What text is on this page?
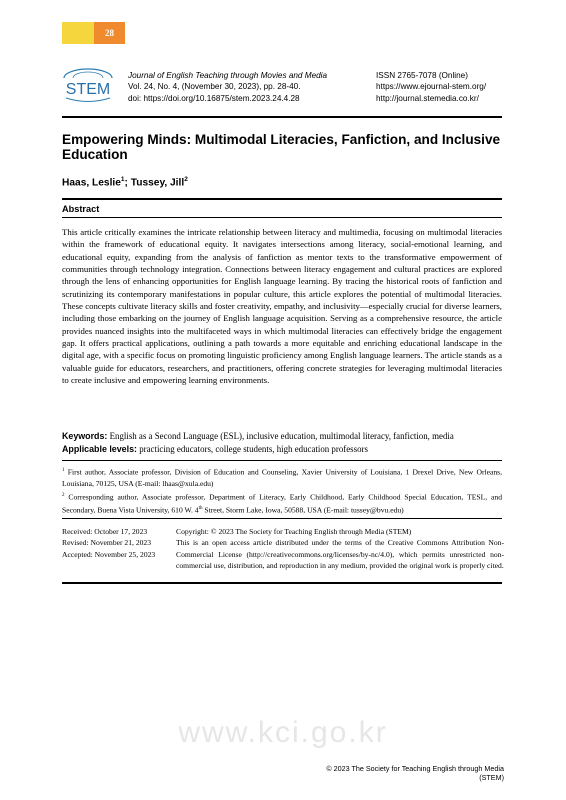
28
STEM
Journal of English Teaching through Movies and Media
Vol. 24, No. 4, (November 30, 2023), pp. 28-40.
doi: https://doi.org/10.16875/stem.2023.24.4.28
ISSN 2765-7078 (Online)
https://www.ejournal-stem.org/
http://journal.stemedia.co.kr/
Empowering Minds: Multimodal Literacies, Fanfiction, and Inclusive Education
Haas, Leslie$^1$; Tussey, Jill$^2$
Abstract
This article critically examines the intricate relationship between literacy and multimedia, focusing on multimodal literacies within the framework of educational equity. It navigates intersections among literacy, social-emotional learning, and educational equity, expanding from the analysis of fanfiction as mentor texts to the transformative empowerment of communities through technology integration. Connections between literacy engagement and cultural practices are explored through the lens of enhancing opportunities for English language learning. By tracing the historical roots of fanfiction and scrutinizing its contemporary manifestations in popular culture, this article explores the potential of multimodal literacies. These concepts cultivate literacy skills and foster creativity, empathy, and inclusivity—especially crucial for diverse learners, including those embarking on the journey of English language acquisition. Serving as a comprehensive resource, the article provides nuanced insights into the multifaceted ways in which multimodal literacies can effectively bridge the engagement gap. It offers practical applications, outlining a path towards a more equitable and enriching educational landscape in the digital age, with a specific focus on promoting linguistic proficiency among English language learners. The article stands as a valuable guide for educators, researchers, and practitioners, offering concrete strategies for leveraging multimodal literacies to create inclusive and empowering learning environments.
Keywords: English as a Second Language (ESL), inclusive education, multimodal literacy, fanfiction, media
Applicable levels: practicing educators, college students, high education professors
$^1$ First author, Associate professor, Division of Education and Counseling, Xavier University of Louisiana, 1 Drexel Drive, New Orleans, Louisiana, 70125, USA (E-mail: lhaas@xula.edu)
$^2$ Corresponding author, Associate professor, Department of Literacy, Early Childhood, Early Childhood Special Education, TESL, and Secondary, Buena Vista University, 610 W. 4th Street, Storm Lake, Iowa, 50588, USA (E-mail: tussey@bvu.edu)
Received: October 17, 2023
Revised: November 21, 2023
Accepted: November 25, 2023
Copyright: © 2023 The Society for Teaching English through Media (STEM)
This is an open access article distributed under the terms of the Creative Commons Attribution Non-Commercial License (http://creativecommons.org/licenses/by-nc/4.0), which permits unrestricted non-commercial use, distribution, and reproduction in any medium, provided the original work is properly cited.
www.kci.go.kr
© 2023 The Society for Teaching English through Media (STEM)
